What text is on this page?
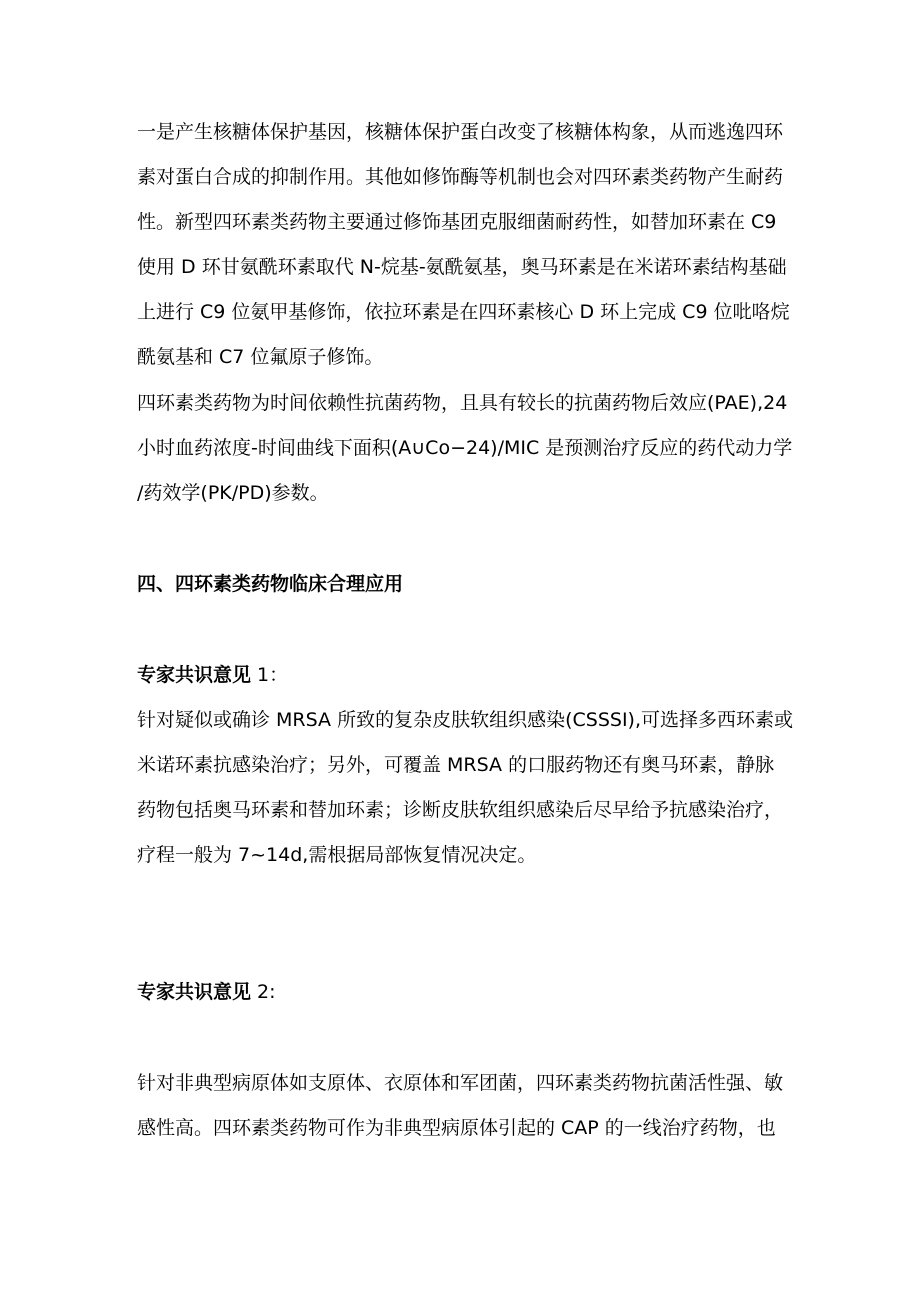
一是产生核糖体保护基因，核糖体保护蛋白改变了核糖体构象，从而逃逸四环
素对蛋白合成的抑制作用。其他如修饰酶等机制也会对四环素类药物产生耐药
性。新型四环素类药物主要通过修饰基团克服细菌耐药性，如替加环素在 C9
使用 D 环甘氨酰环素取代 N-烷基-氨酰氨基，奥马环素是在米诺环素结构基础
上进行 C9 位氨甲基修饰，依拉环素是在四环素核心 D 环上完成 C9 位吡咯烷
酰氨基和 C7 位氟原子修饰。
四环素类药物为时间依赖性抗菌药物，且具有较长的抗菌药物后效应(PAE),24
小时血药浓度-时间曲线下面积(A∪Co−24)/MIC 是预测治疗反应的药代动力学
/药效学(PK/PD)参数。
四、四环素类药物临床合理应用
专家共识意见 1：
针对疑似或确诊 MRSA 所致的复杂皮肤软组织感染(CSSSI),可选择多西环素或
米诺环素抗感染治疗；另外，可覆盖 MRSA 的口服药物还有奥马环素，静脉
药物包括奥马环素和替加环素；诊断皮肤软组织感染后尽早给予抗感染治疗，
疗程一般为 7~14d,需根据局部恢复情况决定。
专家共识意见 2:
针对非典型病原体如支原体、衣原体和军团菌，四环素类药物抗菌活性强、敏
感性高。四环素类药物可作为非典型病原体引起的 CAP 的一线治疗药物，也
